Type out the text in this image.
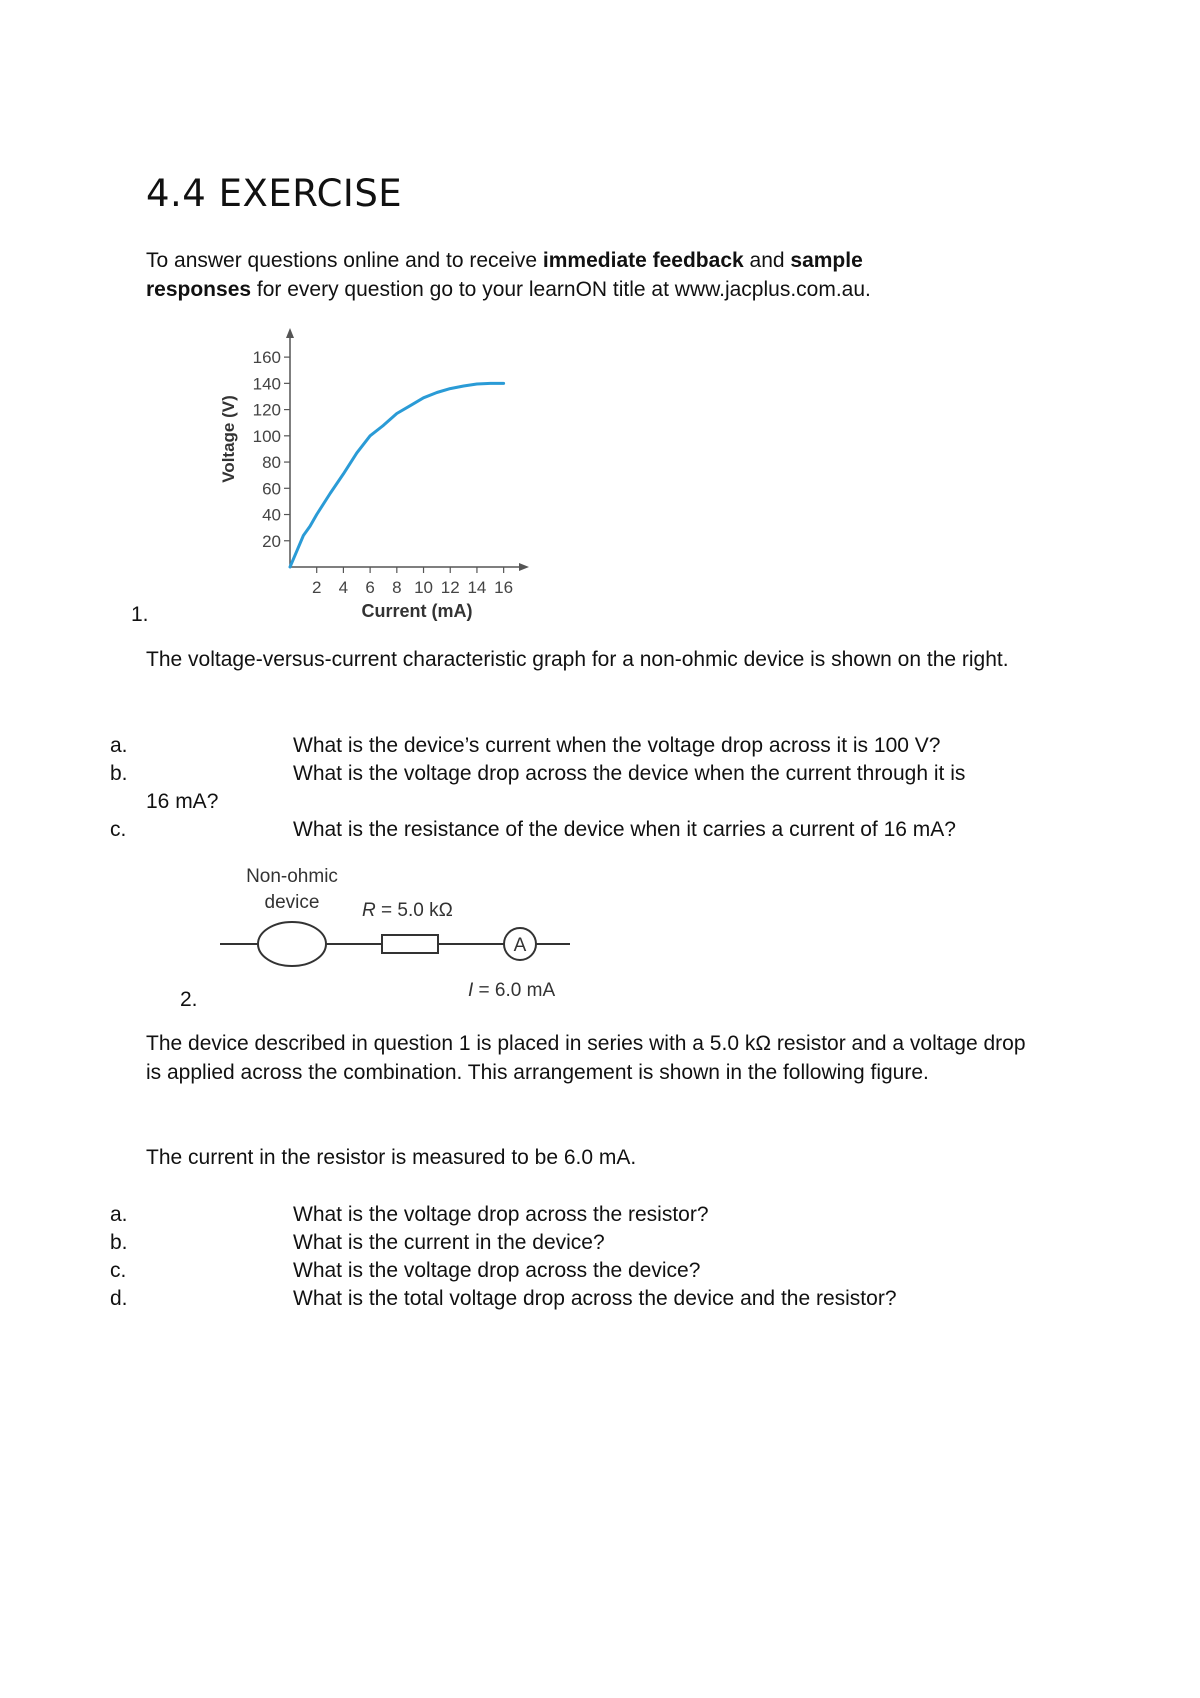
4.4 EXERCISE
To answer questions online and to receive immediate feedback and sample
responses for every question go to your learnON title at www.jacplus.com.au.
20
40
60
80
100
120
140
160
2 4 6 8 10 12 14 16
Voltage (V)
Current (mA)
1.
The voltage-versus-current characteristic graph for a non-ohmic device is shown on the right.
a.	What is the device’s current when the voltage drop across it is 100 V?
b.	What is the voltage drop across the device when the current through it is
16 mA?
c.	What is the resistance of the device when it carries a current of 16 mA?
Non-ohmic
device R = 5.0 kΩ
A
I = 6.0 mA
2.
The device described in question 1 is placed in series with a 5.0 kΩ resistor and a voltage drop is applied across the combination. This arrangement is shown in the following figure.
The current in the resistor is measured to be 6.0 mA.
a.	What is the voltage drop across the resistor?
b.	What is the current in the device?
c.	What is the voltage drop across the device?
d.	What is the total voltage drop across the device and the resistor?
